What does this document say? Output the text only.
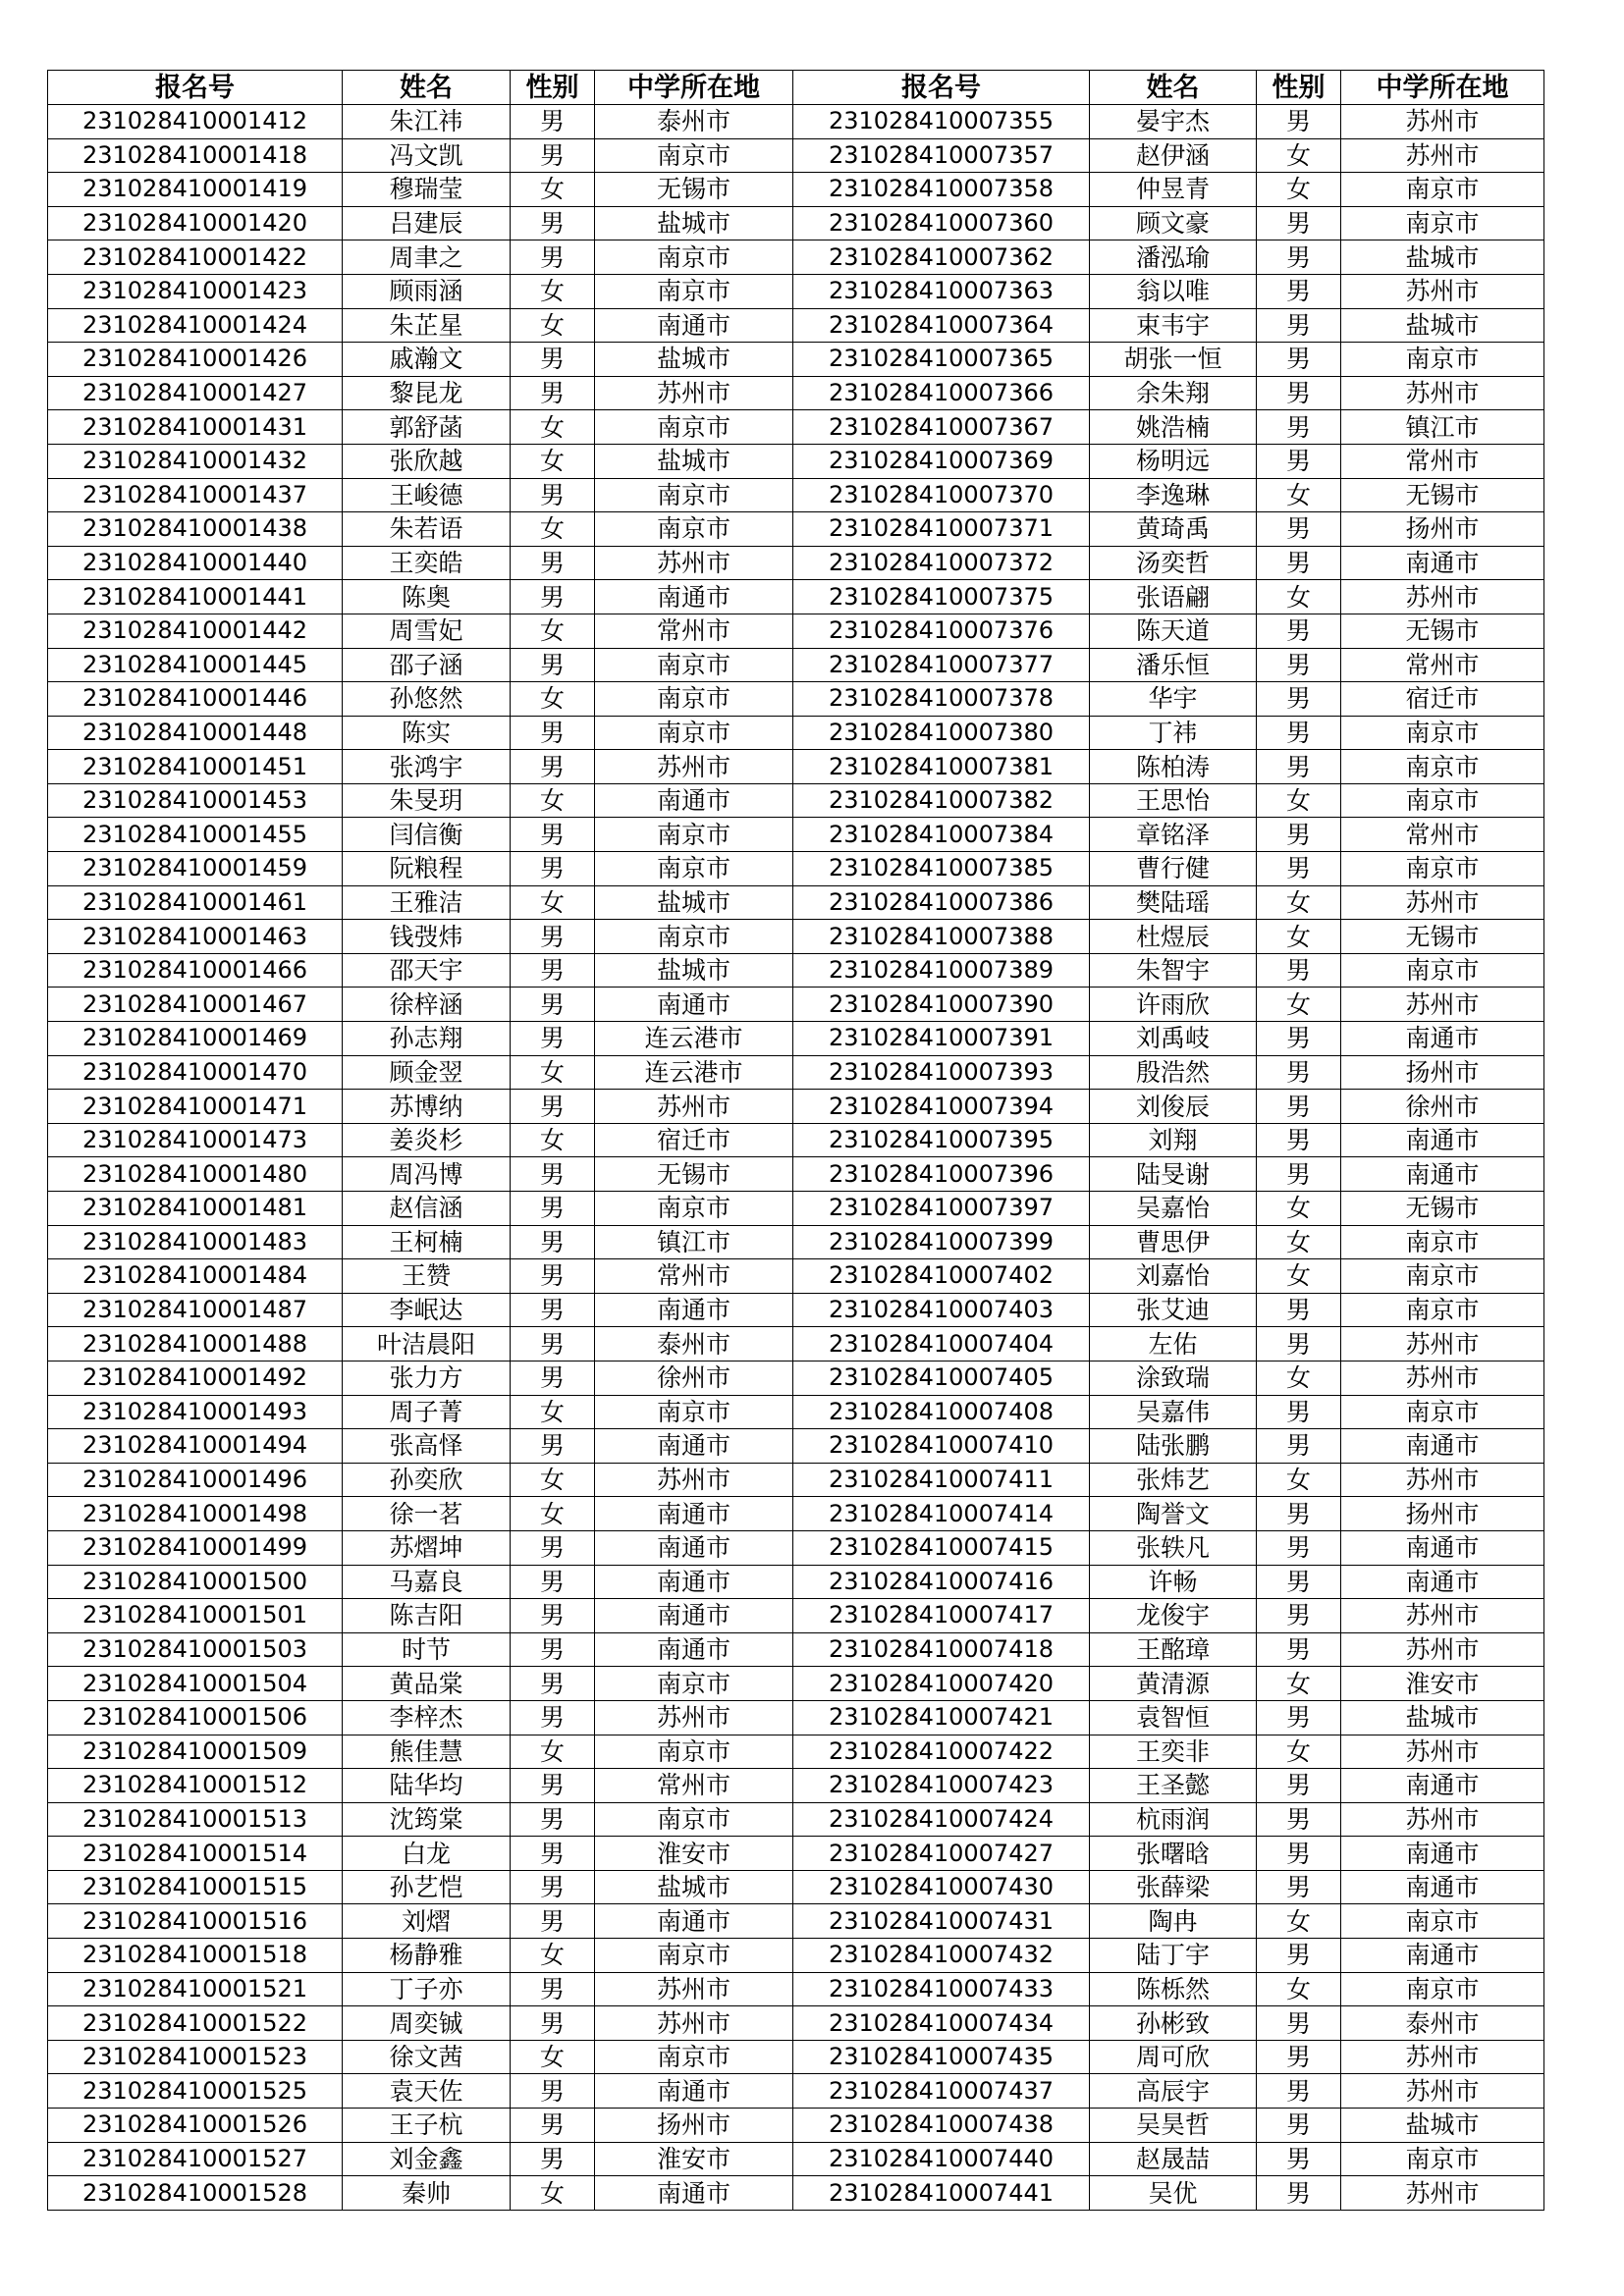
报名号	姓名	性别	中学所在地	报名号	姓名	性别	中学所在地
231028410001412	朱江祎	男	泰州市	231028410007355	晏宇杰	男	苏州市
231028410001418	冯文凯	男	南京市	231028410007357	赵伊涵	女	苏州市
231028410001419	穆瑞莹	女	无锡市	231028410007358	仲昱青	女	南京市
231028410001420	吕建辰	男	盐城市	231028410007360	顾文豪	男	南京市
231028410001422	周聿之	男	南京市	231028410007362	潘泓瑜	男	盐城市
231028410001423	顾雨涵	女	南京市	231028410007363	翁以唯	男	苏州市
231028410001424	朱芷星	女	南通市	231028410007364	束韦宇	男	盐城市
231028410001426	戚瀚文	男	盐城市	231028410007365	胡张一恒	男	南京市
231028410001427	黎昆龙	男	苏州市	231028410007366	余朱翔	男	苏州市
231028410001431	郭舒菡	女	南京市	231028410007367	姚浩楠	男	镇江市
231028410001432	张欣越	女	盐城市	231028410007369	杨明远	男	常州市
231028410001437	王峻德	男	南京市	231028410007370	李逸琳	女	无锡市
231028410001438	朱若语	女	南京市	231028410007371	黄琦禹	男	扬州市
231028410001440	王奕皓	男	苏州市	231028410007372	汤奕哲	男	南通市
231028410001441	陈奥	男	南通市	231028410007375	张语翩	女	苏州市
231028410001442	周雪妃	女	常州市	231028410007376	陈天道	男	无锡市
231028410001445	邵子涵	男	南京市	231028410007377	潘乐恒	男	常州市
231028410001446	孙悠然	女	南京市	231028410007378	华宇	男	宿迁市
231028410001448	陈实	男	南京市	231028410007380	丁祎	男	南京市
231028410001451	张鸿宇	男	苏州市	231028410007381	陈柏涛	男	南京市
231028410001453	朱旻玥	女	南通市	231028410007382	王思怡	女	南京市
231028410001455	闫信衡	男	南京市	231028410007384	章铭泽	男	常州市
231028410001459	阮粮程	男	南京市	231028410007385	曹行健	男	南京市
231028410001461	王雅洁	女	盐城市	231028410007386	樊陆瑶	女	苏州市
231028410001463	钱弢炜	男	南京市	231028410007388	杜煜辰	女	无锡市
231028410001466	邵天宇	男	盐城市	231028410007389	朱智宇	男	南京市
231028410001467	徐梓涵	男	南通市	231028410007390	许雨欣	女	苏州市
231028410001469	孙志翔	男	连云港市	231028410007391	刘禹岐	男	南通市
231028410001470	顾金翌	女	连云港市	231028410007393	殷浩然	男	扬州市
231028410001471	苏博纳	男	苏州市	231028410007394	刘俊辰	男	徐州市
231028410001473	姜炎杉	女	宿迁市	231028410007395	刘翔	男	南通市
231028410001480	周冯博	男	无锡市	231028410007396	陆旻谢	男	南通市
231028410001481	赵信涵	男	南京市	231028410007397	吴嘉怡	女	无锡市
231028410001483	王柯楠	男	镇江市	231028410007399	曹思伊	女	南京市
231028410001484	王赞	男	常州市	231028410007402	刘嘉怡	女	南京市
231028410001487	李岷达	男	南通市	231028410007403	张艾迪	男	南京市
231028410001488	叶洁晨阳	男	泰州市	231028410007404	左佑	男	苏州市
231028410001492	张力方	男	徐州市	231028410007405	涂致瑞	女	苏州市
231028410001493	周子菁	女	南京市	231028410007408	吴嘉伟	男	南京市
231028410001494	张高怿	男	南通市	231028410007410	陆张鹏	男	南通市
231028410001496	孙奕欣	女	苏州市	231028410007411	张炜艺	女	苏州市
231028410001498	徐一茗	女	南通市	231028410007414	陶誉文	男	扬州市
231028410001499	苏熠坤	男	南通市	231028410007415	张轶凡	男	南通市
231028410001500	马嘉良	男	南通市	231028410007416	许畅	男	南通市
231028410001501	陈吉阳	男	南通市	231028410007417	龙俊宇	男	苏州市
231028410001503	时节	男	南通市	231028410007418	王酩璋	男	苏州市
231028410001504	黄品棠	男	南京市	231028410007420	黄清源	女	淮安市
231028410001506	李梓杰	男	苏州市	231028410007421	袁智恒	男	盐城市
231028410001509	熊佳慧	女	南京市	231028410007422	王奕非	女	苏州市
231028410001512	陆华均	男	常州市	231028410007423	王圣懿	男	南通市
231028410001513	沈筠棠	男	南京市	231028410007424	杭雨润	男	苏州市
231028410001514	白龙	男	淮安市	231028410007427	张曙晗	男	南通市
231028410001515	孙艺恺	男	盐城市	231028410007430	张薛梁	男	南通市
231028410001516	刘熠	男	南通市	231028410007431	陶冉	女	南京市
231028410001518	杨静雅	女	南京市	231028410007432	陆丁宇	男	南通市
231028410001521	丁子亦	男	苏州市	231028410007433	陈栎然	女	南京市
231028410001522	周奕铖	男	苏州市	231028410007434	孙彬致	男	泰州市
231028410001523	徐文茜	女	南京市	231028410007435	周可欣	男	苏州市
231028410001525	袁天佐	男	南通市	231028410007437	高辰宇	男	苏州市
231028410001526	王子杭	男	扬州市	231028410007438	吴昊哲	男	盐城市
231028410001527	刘金鑫	男	淮安市	231028410007440	赵晟喆	男	南京市
231028410001528	秦帅	女	南通市	231028410007441	吴优	男	苏州市
